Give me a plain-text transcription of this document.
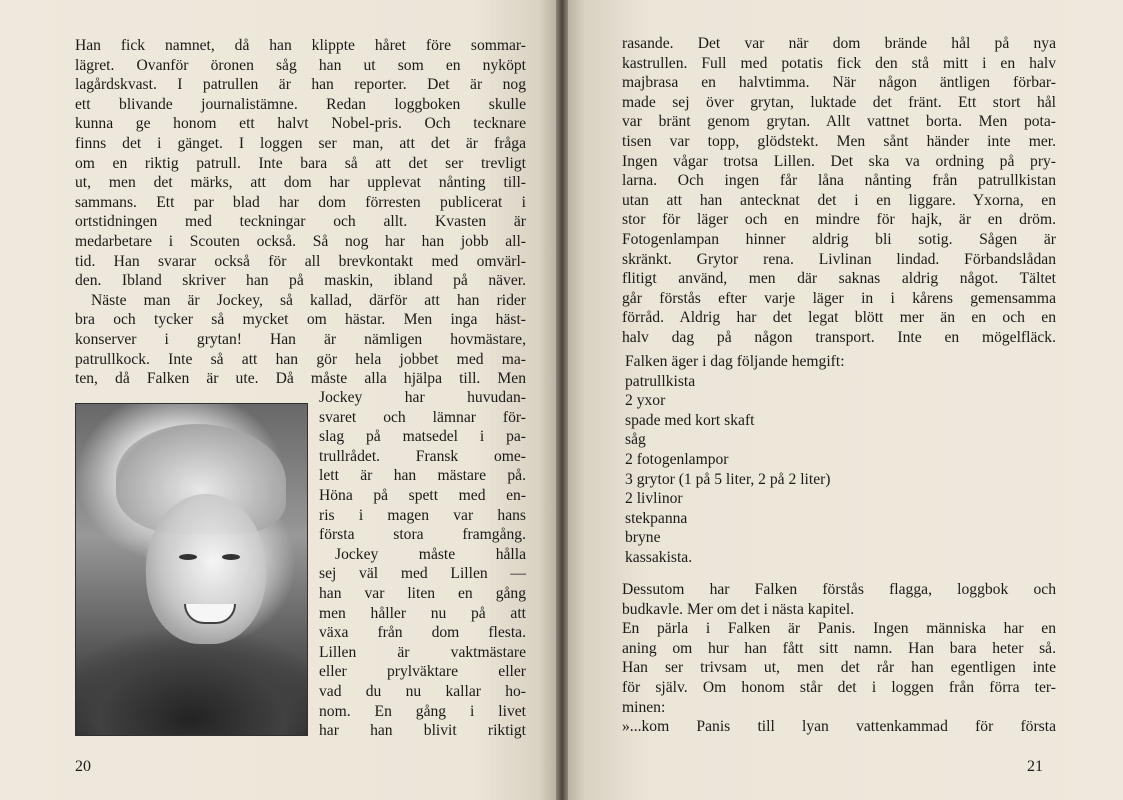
Han fick namnet, då han klippte håret före sommar-
lägret. Ovanför öronen såg han ut som en nyköpt
lagårdskvast. I patrullen är han reporter. Det är nog
ett blivande journalistämne. Redan loggboken skulle
kunna ge honom ett halvt Nobel-pris. Och tecknare
finns det i gänget. I loggen ser man, att det är fråga
om en riktig patrull. Inte bara så att det ser trevligt
ut, men det märks, att dom har upplevat nånting till-
sammans. Ett par blad har dom förresten publicerat i
ortstidningen med teckningar och allt. Kvasten är
medarbetare i Scouten också. Så nog har han jobb all-
tid. Han svarar också för all brevkontakt med omvärl-
den. Ibland skriver han på maskin, ibland på näver.

Näste man är Jockey, så kallad, därför att han rider
bra och tycker så mycket om hästar. Men inga häst-
konserver i grytan! Han är nämligen hovmästare,
patrullkock. Inte så att han gör hela jobbet med ma-
ten, då Falken är ute. Då måste alla hjälpa till. Men

Jockey har huvudan-
svaret och lämnar för-
slag på matsedel i pa-
trullrådet. Fransk ome-
lett är han mästare på.
Höna på spett med en-
ris i magen var hans
första stora framgång.
Jockey måste hålla
sej väl med Lillen —
han var liten en gång
men håller nu på att
växa från dom flesta.
Lillen är vaktmästare
eller prylväktare eller
vad du nu kallar ho-
nom. En gång i livet
har han blivit riktigt
20

rasande. Det var när dom brände hål på nya
kastrullen. Full med potatis fick den stå mitt i en halv
majbrasa en halvtimma. När någon äntligen förbar-
made sej över grytan, luktade det fränt. Ett stort hål
var bränt genom grytan. Allt vattnet borta. Men pota-
tisen var topp, glödstekt. Men sånt händer inte mer.
Ingen vågar trotsa Lillen. Det ska va ordning på pry-
larna. Och ingen får låna nånting från patrullkistan
utan att han antecknat det i en liggare. Yxorna, en
stor för läger och en mindre för hajk, är en dröm.
Fotogenlampan hinner aldrig bli sotig. Sågen är
skränkt. Grytor rena. Livlinan lindad. Förbandslådan
flitigt använd, men där saknas aldrig något. Tältet
går förstås efter varje läger in i kårens gemensamma
förråd. Aldrig har det legat blött mer än en och en
halv dag på någon transport. Inte en mögelfläck.

Falken äger i dag följande hemgift:
patrullkista
2 yxor
spade med kort skaft
såg
2 fotogenlampor
3 grytor (1 på 5 liter, 2 på 2 liter)
2 livlinor
stekpanna
bryne
kassakista.

Dessutom har Falken förstås flagga, loggbok och
budkavle. Mer om det i nästa kapitel.

En pärla i Falken är Panis. Ingen människa har en
aning om hur han fått sitt namn. Han bara heter så.
Han ser trivsam ut, men det rår han egentligen inte
för själv. Om honom står det i loggen från förra ter-
minen:

»...kom Panis till lyan vattenkammad för första

21
